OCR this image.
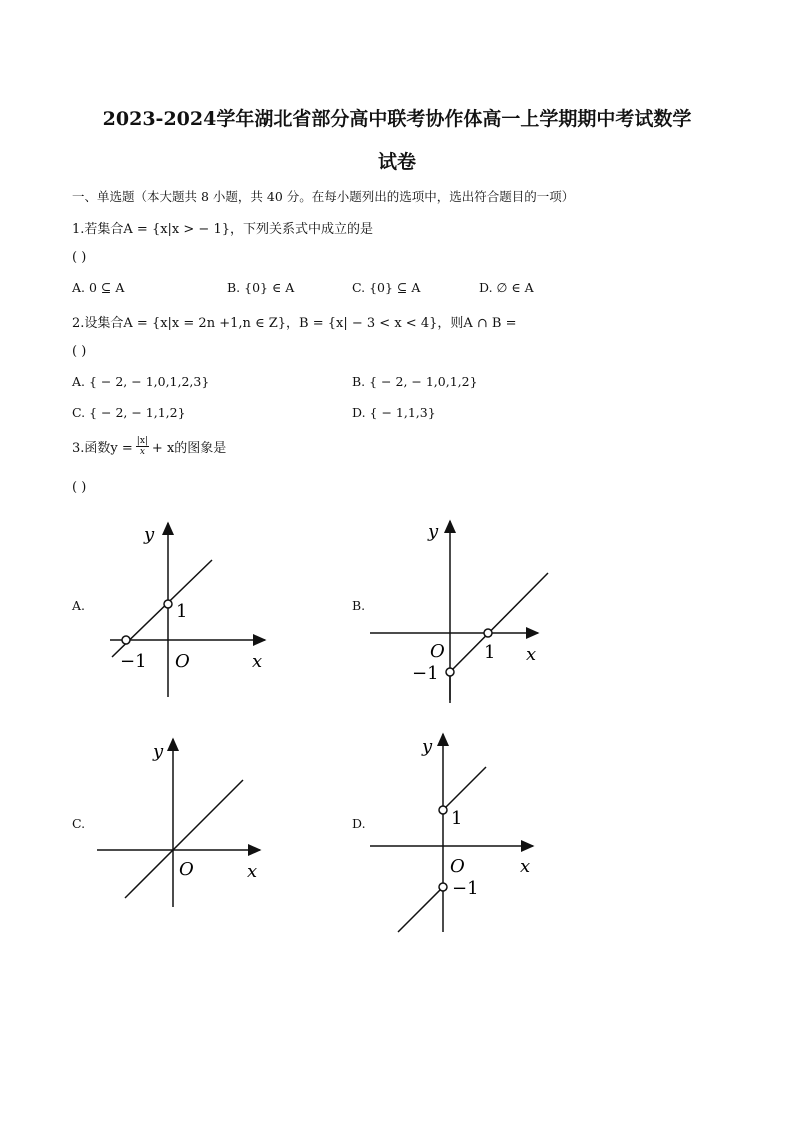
2023-2024学年湖北省部分高中联考协作体高一上学期期中考试数学
试卷
一、单选题（本大题共 8 小题，共 40 分。在每小题列出的选项中，选出符合题目的一项）
1.若集合A = {x|x > − 1}，下列关系式中成立的是
( )
A. 0 ⊆ A	B. {0} ∈ A	C. {0} ⊆ A	D. ∅ ∈ A
2.设集合A = {x|x = 2n +1,n ∈ Z}，B = {x| − 3 < x < 4}，则A ∩ B =
( )
A. { − 2, − 1,0,1,2,3}	B. { − 2, − 1,0,1,2}
C. { − 2, − 1,1,2}	D. { − 1,1,3}
3.函数$y = \frac{|x|}{x} + x$的图象是
( )
A.	B.
C.	D.
y
x
O
1
−1
y
x
O 1
−1
y
x
O
y
x
O
1
−1
